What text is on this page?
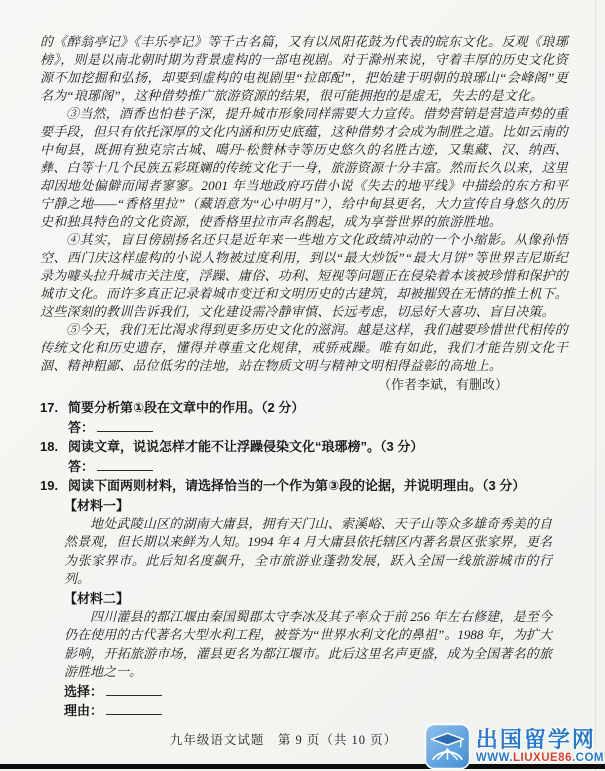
的《醉翁亭记》《丰乐亭记》等千古名篇，又有以凤阳花鼓为代表的皖东文化。反观《琅琊榜》，则是以南北朝时期为背景虚构的一部电视剧。对于滁州来说，守着丰厚的历史文化资源不加挖掘和弘扬，却要到虚构的电视剧里“拉郎配”，把始建于明朝的琅琊山“会峰阁”更名为“琅琊阁”，这种借势推广旅游资源的结果，很可能拥抱的是虚无，失去的是文化。

③当然，酒香也怕巷子深，提升城市形象同样需要大力宣传。借势营销是营造声势的重要手段，但只有依托深厚的文化内涵和历史底蕴，这种借势才会成为制胜之道。比如云南的中甸县，既拥有独克宗古城、噶丹·松赞林寺等历史悠久的名胜古迹，又集藏、汉、纳西、彝、白等十几个民族五彩斑斓的传统文化于一身，旅游资源十分丰富。然而长久以来，这里却因地处偏僻而闻者寥寥。2001 年当地政府巧借小说《失去的地平线》中描绘的东方和平宁静之地——“香格里拉”（藏语意为“心中明月”），给中甸县更名，大力宣传自身悠久的历史和独具特色的文化资源，使香格里拉市声名鹊起，成为享誉世界的旅游胜地。

④其实，盲目傍剧扬名还只是近年来一些地方文化政绩冲动的一个小缩影。从像孙悟空、西门庆这样虚构的小说人物被过度利用，到以“最大炒饭”“最大月饼”等世界吉尼斯纪录为噱头拉升城市关注度，浮躁、庸俗、功利、短视等问题正在侵染着本该被珍惜和保护的城市文化。而许多真正记录着城市变迁和文明历史的古建筑，却被摧毁在无情的推土机下。这些深刻的教训告诉我们，文化建设需冷静审慎、长远考虑，切忌好大喜功、盲目决策。

⑤今天，我们无比渴求得到更多历史文化的滋润。越是这样，我们越要珍惜世代相传的传统文化和历史遗存，懂得并尊重文化规律，戒骄戒躁。唯有如此，我们才能告别文化干涸、精神粗鄙、品位低劣的洼地，站在物质文明与精神文明相得益彰的高地上。

（作者李斌，有删改）
17. 简要分析第①段在文章中的作用。（2 分）
答：
18. 阅读文章，说说怎样才能不让浮躁侵染文化“琅琊榜”。（3 分）
答：
19. 阅读下面两则材料，请选择恰当的一个作为第③段的论据，并说明理由。（3 分）
【材料一】

地处武陵山区的湖南大庸县，拥有天门山、索溪峪、天子山等众多雄奇秀美的自然景观，但长期以来鲜为人知。1994 年 4 月大庸县依托辖区内著名景区张家界，更名为张家界市。此后知名度飙升，全市旅游业蓬勃发展，跃入全国一线旅游城市的行列。

【材料二】

四川灌县的都江堰由秦国蜀郡太守李冰及其子率众于前 256 年左右修建，是至今仍在使用的古代著名大型水利工程，被誉为“世界水利文化的鼻祖”。1988 年，为扩大影响，开拓旅游市场，灌县更名为都江堰市。此后这里名声更盛，成为全国著名的旅游胜地之一。

选择：
理由：
九年级语文试题　第 9 页（共 10 页）	出国留学网
WWW.LIUXUE86.COM
